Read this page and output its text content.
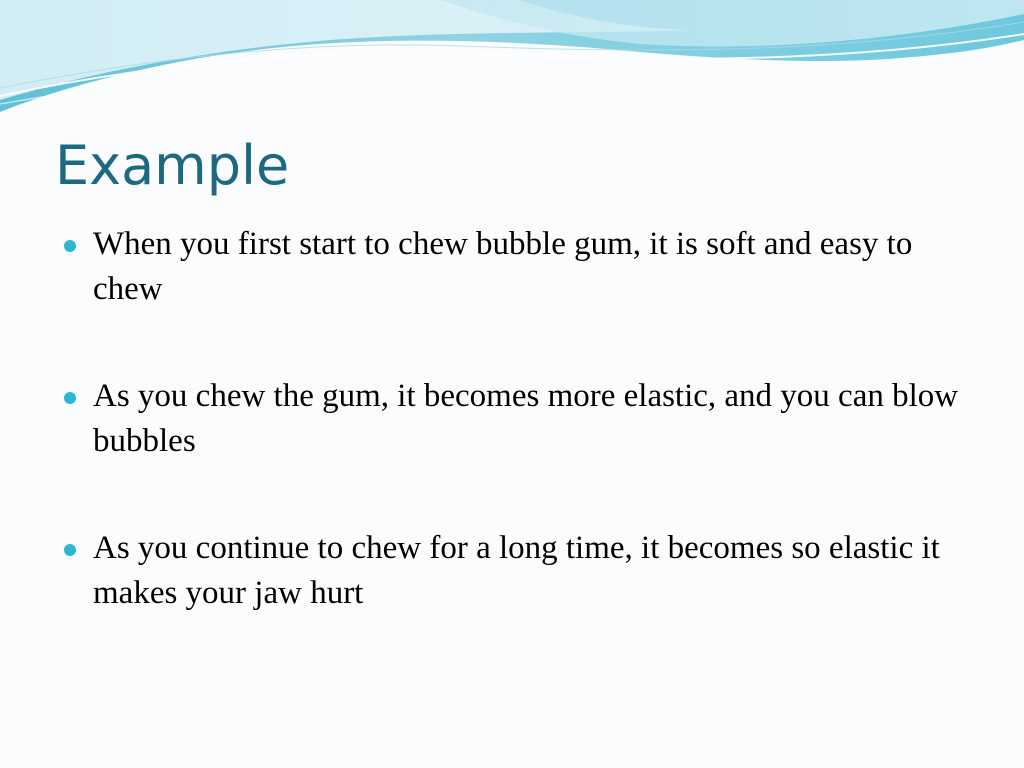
Example
When you first start to chew bubble gum, it is soft and easy to chew
As you chew the gum, it becomes more elastic, and you can blow bubbles
As you continue to chew for a long time, it becomes so elastic it makes your jaw hurt
